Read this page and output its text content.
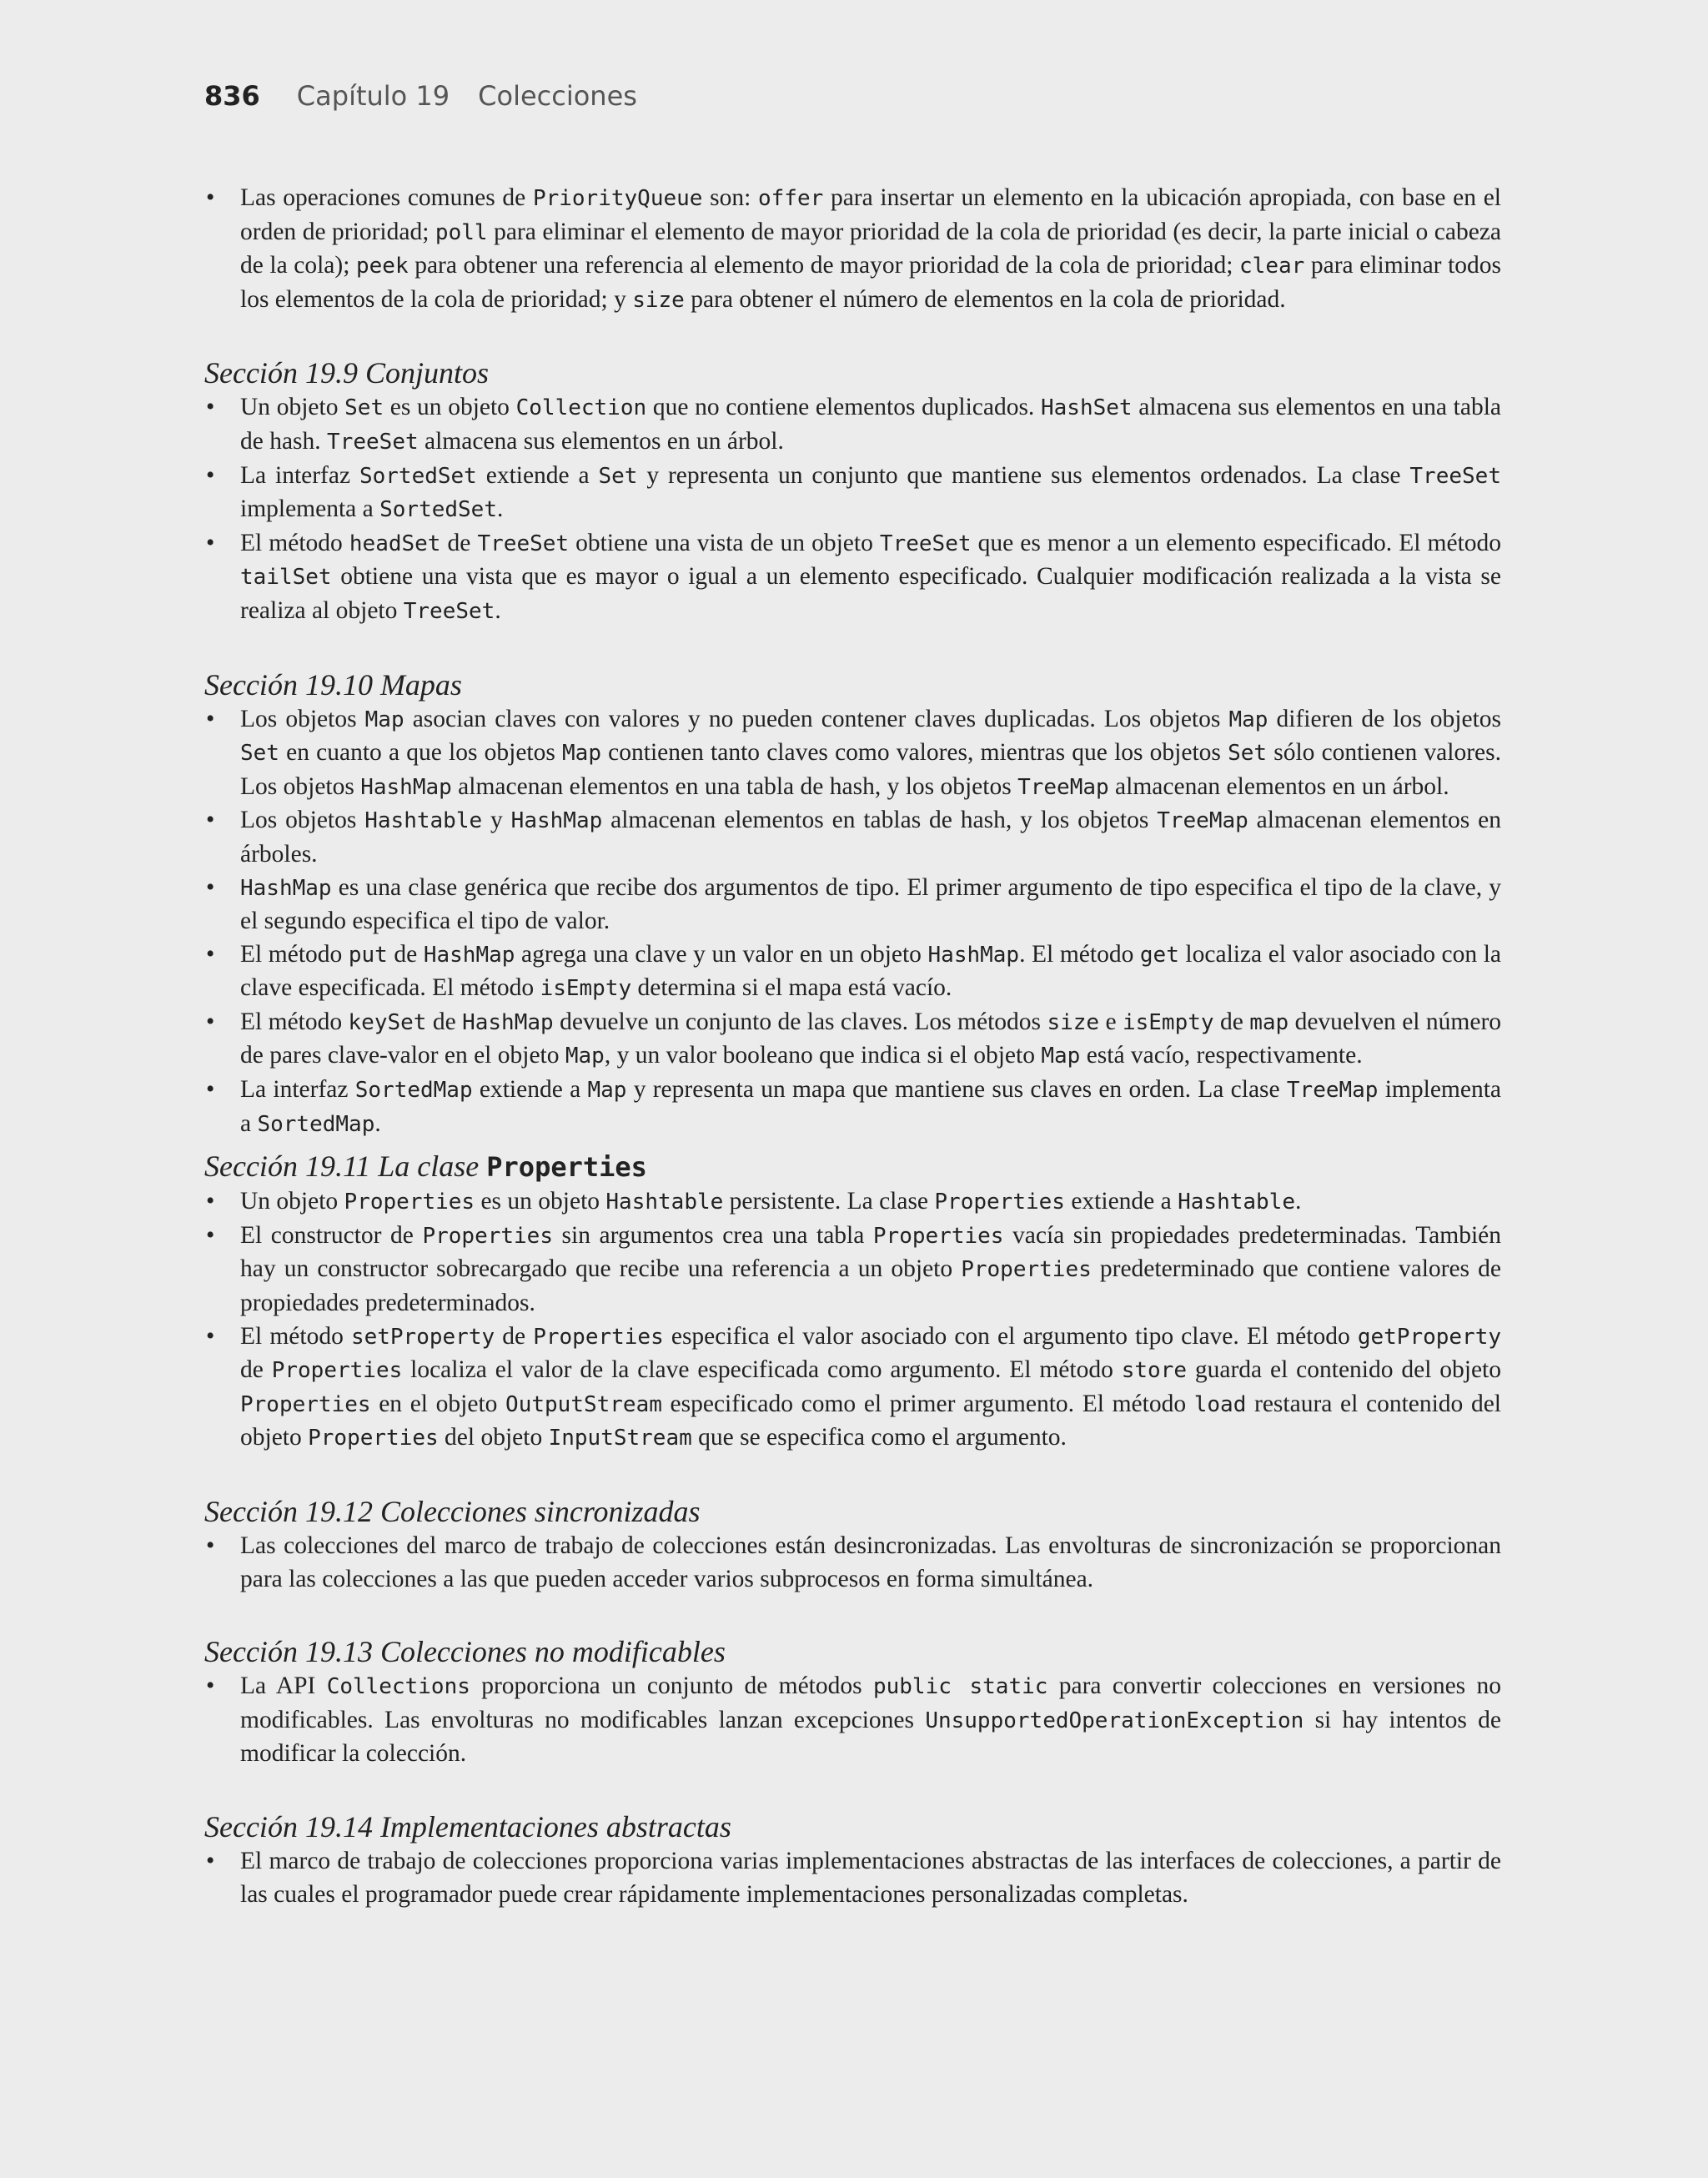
836 Capítulo 19 Colecciones
• Las operaciones comunes de PriorityQueue son: offer para insertar un elemento en la ubicación apropiada, con base en el orden de prioridad; poll para eliminar el elemento de mayor prioridad de la cola de prioridad (es decir, la parte inicial o cabeza de la cola); peek para obtener una referencia al elemento de mayor prioridad de la cola de prioridad; clear para eliminar todos los elementos de la cola de prioridad; y size para obtener el número de elementos en la cola de prioridad.
Sección 19.9 Conjuntos
• Un objeto Set es un objeto Collection que no contiene elementos duplicados. HashSet almacena sus elementos en una tabla de hash. TreeSet almacena sus elementos en un árbol.
• La interfaz SortedSet extiende a Set y representa un conjunto que mantiene sus elementos ordenados. La clase TreeSet implementa a SortedSet.
• El método headSet de TreeSet obtiene una vista de un objeto TreeSet que es menor a un elemento especificado. El método tailSet obtiene una vista que es mayor o igual a un elemento especificado. Cualquier modificación realizada a la vista se realiza al objeto TreeSet.
Sección 19.10 Mapas
• Los objetos Map asocian claves con valores y no pueden contener claves duplicadas. Los objetos Map difieren de los objetos Set en cuanto a que los objetos Map contienen tanto claves como valores, mientras que los objetos Set sólo contienen valores. Los objetos HashMap almacenan elementos en una tabla de hash, y los objetos TreeMap almacenan elementos en un árbol.
• Los objetos Hashtable y HashMap almacenan elementos en tablas de hash, y los objetos TreeMap almacenan elementos en árboles.
• HashMap es una clase genérica que recibe dos argumentos de tipo. El primer argumento de tipo especifica el tipo de la clave, y el segundo especifica el tipo de valor.
• El método put de HashMap agrega una clave y un valor en un objeto HashMap. El método get localiza el valor asociado con la clave especificada. El método isEmpty determina si el mapa está vacío.
• El método keySet de HashMap devuelve un conjunto de las claves. Los métodos size e isEmpty de map devuelven el número de pares clave-valor en el objeto Map, y un valor booleano que indica si el objeto Map está vacío, respectivamente.
• La interfaz SortedMap extiende a Map y representa un mapa que mantiene sus claves en orden. La clase TreeMap implementa a SortedMap.
Sección 19.11 La clase Properties
• Un objeto Properties es un objeto Hashtable persistente. La clase Properties extiende a Hashtable.
• El constructor de Properties sin argumentos crea una tabla Properties vacía sin propiedades predeterminadas. También hay un constructor sobrecargado que recibe una referencia a un objeto Properties predeterminado que contiene valores de propiedades predeterminados.
• El método setProperty de Properties especifica el valor asociado con el argumento tipo clave. El método getProperty de Properties localiza el valor de la clave especificada como argumento. El método store guarda el contenido del objeto Properties en el objeto OutputStream especificado como el primer argumento. El método load restaura el contenido del objeto Properties del objeto InputStream que se especifica como el argumento.
Sección 19.12 Colecciones sincronizadas
• Las colecciones del marco de trabajo de colecciones están desincronizadas. Las envolturas de sincronización se proporcionan para las colecciones a las que pueden acceder varios subprocesos en forma simultánea.
Sección 19.13 Colecciones no modificables
• La API Collections proporciona un conjunto de métodos public static para convertir colecciones en versiones no modificables. Las envolturas no modificables lanzan excepciones UnsupportedOperationException si hay intentos de modificar la colección.
Sección 19.14 Implementaciones abstractas
• El marco de trabajo de colecciones proporciona varias implementaciones abstractas de las interfaces de colecciones, a partir de las cuales el programador puede crear rápidamente implementaciones personalizadas completas.
